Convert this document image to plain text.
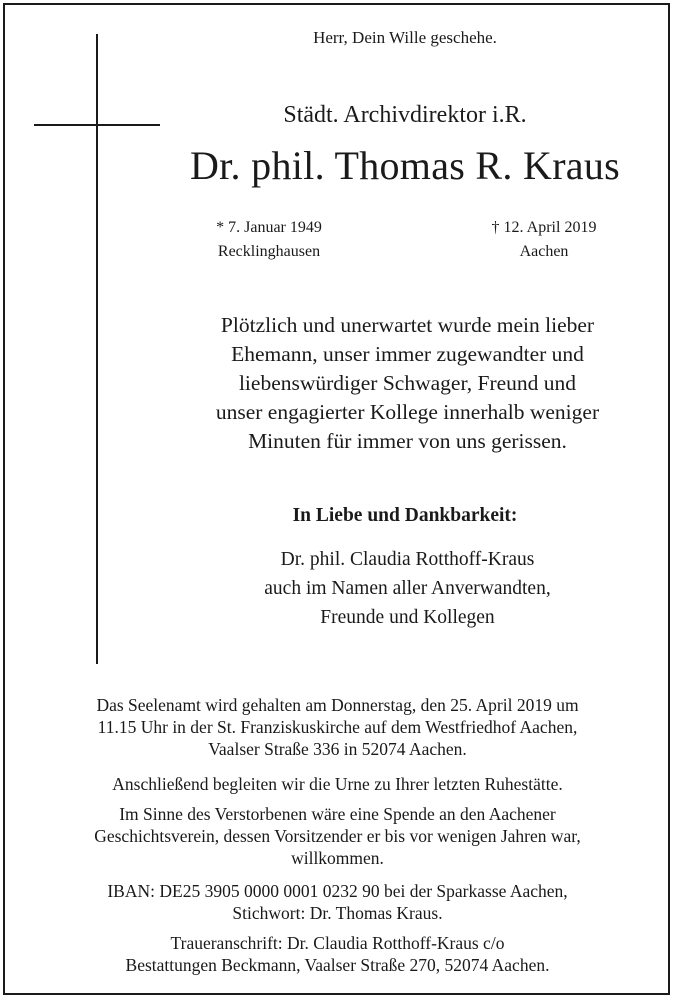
Herr, Dein Wille geschehe.
Städt. Archivdirektor i.R.
Dr. phil. Thomas R. Kraus
* 7. Januar 1949
Recklinghausen
† 12. April 2019
Aachen
Plötzlich und unerwartet wurde mein lieber
Ehemann, unser immer zugewandter und
liebenswürdiger Schwager, Freund und
unser engagierter Kollege innerhalb weniger
Minuten für immer von uns gerissen.
In Liebe und Dankbarkeit:
Dr. phil. Claudia Rotthoff-Kraus
auch im Namen aller Anverwandten,
Freunde und Kollegen
Das Seelenamt wird gehalten am Donnerstag, den 25. April 2019 um
11.15 Uhr in der St. Franziskuskirche auf dem Westfriedhof Aachen,
Vaalser Straße 336 in 52074 Aachen.
Anschließend begleiten wir die Urne zu Ihrer letzten Ruhestätte.
Im Sinne des Verstorbenen wäre eine Spende an den Aachener
Geschichtsverein, dessen Vorsitzender er bis vor wenigen Jahren war,
willkommen.
IBAN: DE25 3905 0000 0001 0232 90 bei der Sparkasse Aachen,
Stichwort: Dr. Thomas Kraus.
Traueranschrift: Dr. Claudia Rotthoff-Kraus c/o
Bestattungen Beckmann, Vaalser Straße 270, 52074 Aachen.
